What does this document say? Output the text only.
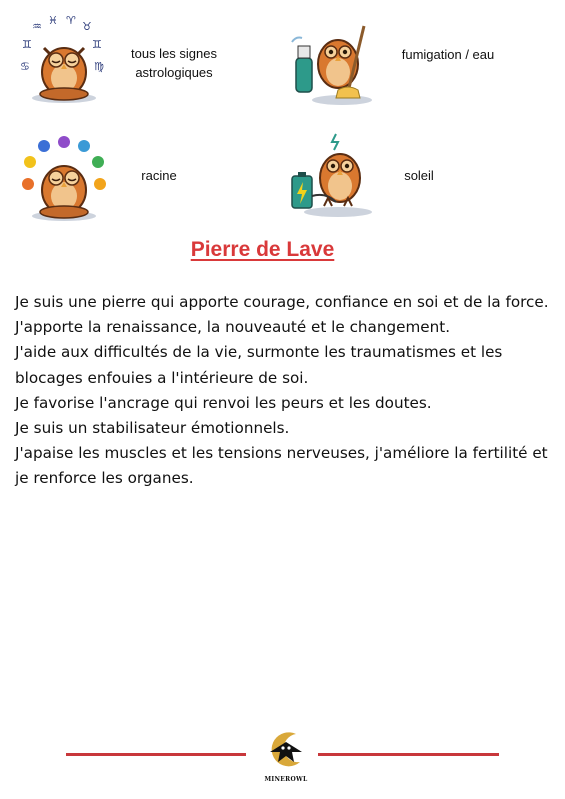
♒ ♓ ♈ ♉
♊	♊
♋	♍
tous les signes astrologiques
fumigation / eau
racine	soleil
Pierre de Lave

Je suis une pierre qui apporte courage, confiance en soi et de la force.

J'apporte la renaissance, la nouveauté et le changement.

J'aide aux difficultés de la vie, surmonte les traumatismes et les blocages enfouies a l'intérieure de soi.

Je favorise l'ancrage qui renvoi les peurs et les doutes.

Je suis un stabilisateur émotionnels.

J'apaise les muscles et les tensions nerveuses, j'améliore la fertilité et je renforce les organes.

MINEROWL
